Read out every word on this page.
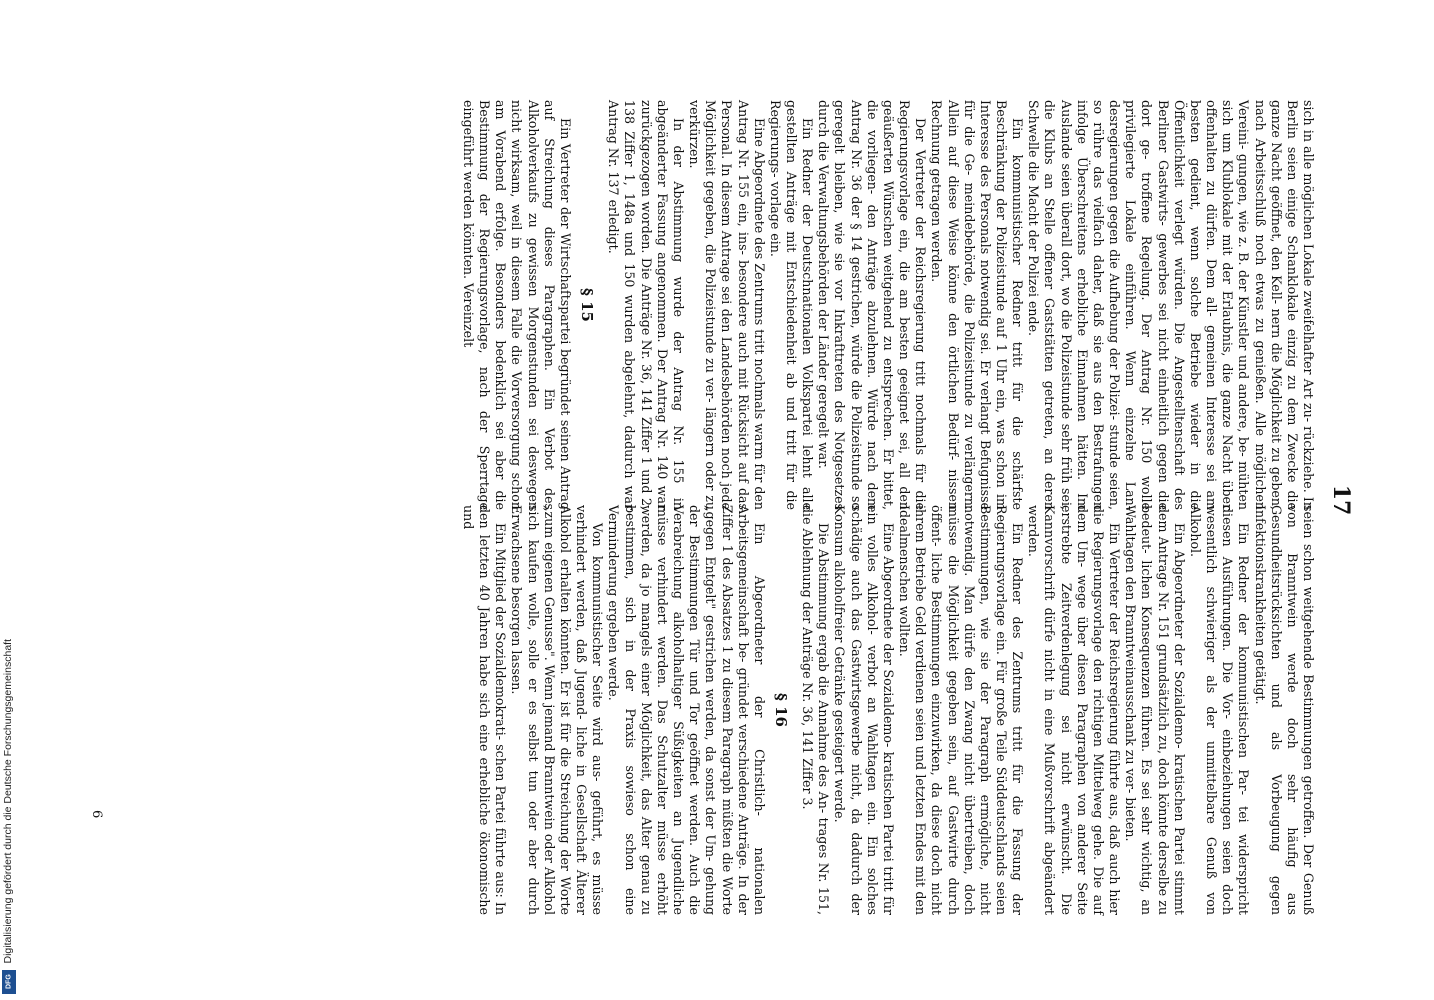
Digitalisierung gefördert durch die Deutsche Forschungsgemeinschaft
DFG
17

sich in alle möglichen Lokale zweifelhafter Art zu- rückziehe. In Berlin seien einige Schanklokale einzig zu dem Zwecke die ganze Nacht geöffnet, den Kell- nern die Möglichkeit zu geben, nach Arbeitsschluß noch etwas zu genießen. Alle möglichen Vereini- gungen, wie z. B. der Künstler und andere, be- mühten sich um Klublokale mit der Erlaubnis, die ganze Nacht über offenhalten zu dürfen. Dem all- gemeinen Interesse sei am besten gedient, wenn solche Betriebe wieder in die Öffentlichkeit verlegt würden. Die Angestelltenschaft des Berliner Gastwirts- gewerbes sei nicht einheitlich gegen die dort ge- troffene Regelung. Der Antrag Nr. 150 wolle privilegierte Lokale einführen. Wenn einzelne Lan- desregierungen gegen die Aufhebung der Polizei- stunde seien, so rühre das vielfach daher, daß sie aus den Bestrafungen infolge Überschreitens erhebliche Einnahmen hätten. Im Auslande seien überall dort, wo die Polizeistunde sehr früh sei, die Klubs an Stelle offener Gaststätten getreten, an deren Schwelle die Macht der Polizei ende.

Ein kommunistischer Redner tritt für die schärfste Beschränkung der Polizeistunde auf 1 Uhr ein, was schon im Interesse des Personals notwendig sei. Er verlangt Befugnisse für die Ge- meindebehörde, die Polizeistunde zu verlängern. Allein auf diese Weise könne den örtlichen Bedürf- nissen Rechnung getragen werden.

Der Vertreter der Reichsregierung tritt nochmals für die Regierungsvorlage ein, die am besten geeignet sei, all den geäußerten Wünschen weitgehend zu entsprechen. Er bittet, die vorliegen- den Anträge abzulehnen. Würde nach dem Antrag Nr. 36 der § 14 gestrichen, würde die Polizeistunde so geregelt bleiben, wie sie vor Inkrafttreten des Notgesetzes durch die Verwaltungsbehörden der Länder geregelt war.

Ein Redner der Deutschnationalen Volkspartei lehnt alle gestellten Anträge mit Entschiedenheit ab und tritt für die Regierungs- vorlage ein.

Eine Abgeordnete des Zentrums tritt nochmals warm für den Antrag Nr. 155 ein, ins- besondere auch mit Rücksicht auf das Personal. In diesem Antrage sei den Landesbehörden noch jede Möglichkeit gegeben, die Polizeistunde zu ver- längern oder zu verkürzen.

In der Abstimmung wurde der Antrag Nr. 155 in abgeänderter Fassung angenommen. Der Antrag Nr. 140 war zurückgezogen worden. Die Anträge Nr. 36, 141 Ziffer 1 und 2, 138 Ziffer 1, 148a und 150 wurden abgelehnt, dadurch war Antrag Nr. 137 erledigt.

§ 15

Ein Vertreter der Wirtschaftspartei begründet seinen Antrag auf Streichung dieses Paragraphen. Ein Verbot des Alkoholverkaufs zu gewissen Morgenstunden sei deswegen nicht wirksam, weil in diesem Falle die Vorversorgung schon am Vorabend erfolge. Besonders bedenklich sei aber die Bestimmung der Regierungsvorlage, nach der Sperrtage eingeführt werden könnten. Vereinzelt

seien schon weitgehende Bestimmungen getroffen. Der Genuß von Branntwein werde doch sehr häufig aus Gesundheitsrücksichten und als Vorbeugung gegen Infektionskrankheiten getätigt.

Ein Redner der kommunistischen Par- tei widerspricht diesen Ausführungen. Die Vor- einbeziehungen seien doch wesentlich schwieriger als der unmittelbare Genuß von Alkohol.

Ein Abgeordneter der Sozialdemo- kratischen Partei stimmt dem Antrage Nr. 151 grundsätzlich zu, doch könnte derselbe zu bedeut- lichen Konsequenzen führen. Es sei sehr wichtig, an Wahltagen den Branntweinausschank zu ver- bieten.

Ein Vertreter der Reichsregierung führte aus, daß auch hier die Regierungsvorlage den richtigen Mittelweg gehe. Die auf dem Um- wege über diesen Paragraphen von anderer Seite erstrebte Zeitverdenlegung sei nicht erwünscht. Die Kannvorschrift dürfe nicht in eine Mußvorschrift abgeändert werden.

Ein Redner des Zentrums tritt für die Fassung der Regierungsvorlage ein. Für große Teile Süddeutschlands seien Bestimmungen, wie sie der Paragraph ermögliche, nicht notwendig. Man dürfe den Zwang nicht übertreiben, doch müsse die Möglichkeit gegeben sein, auf Gastwirte durch öffent- liche Bestimmungen einzuwirken, da diese doch nicht ihrem Betriebe Geld verdienen seien und letzten Endes mit den Idealmenschen wollten.

Eine Abgeordnete der Sozialdemo- kratischen Partei tritt für ein volles Alkohol- verbot an Wahltagen ein. Ein solches schädige auch das Gastwirtsgewerbe nicht, da dadurch der Konsum alkoholfreier Getränke gesteigert werde.

Die Abstimmung ergab die Annahme des An- trages Nr. 151, die Ablehnung der Anträge Nr. 36, 141 Ziffer 3.

§ 16

Ein Abgeordneter der Christlich- nationalen Arbeitsgemeinschaft be- gründet verschiedene Anträge. In der Ziffer 1 des Absatzes 1 zu diesem Paragraph müßten die Worte „gegen Entgelt" gestrichen werden, da sonst der Um- gehung der Bestimmungen Tür und Tor geöffnet werden. Auch die Verabreichung alkoholhaltiger Süßigkeiten an Jugendliche müsse verhindert werden. Das Schutzalter müsse erhöht werden, da jo mangels einer Möglichkeit, das Alter genau zu bestimmen, sich in der Praxis sowieso schon eine Verminderung ergeben werde.

Von kommunistischer Seite wird aus- geführt, es müsse verhindert werden, daß Jugend- liche in Gesellschaft Älterer Alkohol erhalten könnten. Er ist für die Streichung der Worte „zum eigenen Genusse". Wenn jemand Branntwein oder Alkohol sich kaufen wolle, solle er es selbst tun oder aber durch Erwachsene besorgen lassen.

Ein Mitglied der Sozialdemokrati- schen Partei führte aus: In den letzten 40 Jahren habe sich eine erhebliche ökonomische und

6
